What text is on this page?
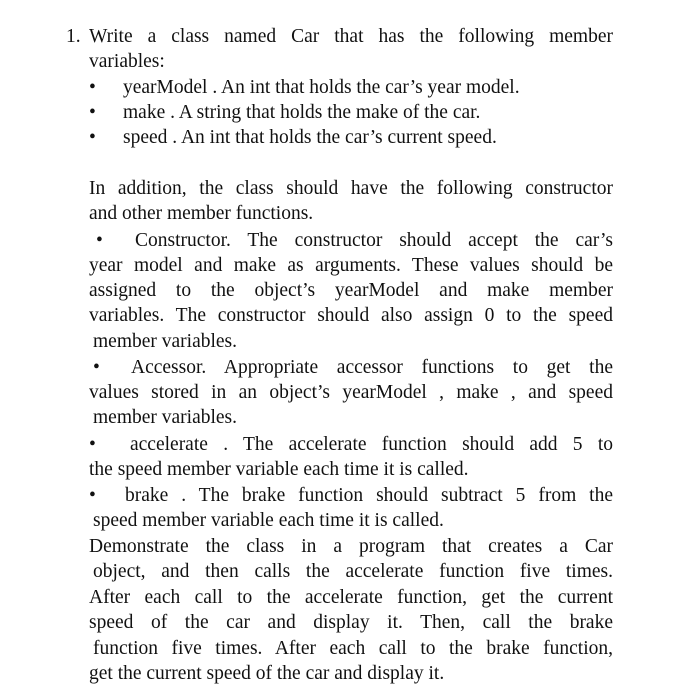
1. Write a class named Car that has the following member
variables:
• yearModel . An int that holds the car’s year model.
• make . A string that holds the make of the car.
• speed . An int that holds the car’s current speed.
In addition, the class should have the following constructor
and other member functions.
• Constructor. The constructor should accept the car’s
year model and make as arguments. These values should be
assigned to the object’s yearModel and make member
variables. The constructor should also assign 0 to the speed
member variables.
• Accessor. Appropriate accessor functions to get the
values stored in an object’s yearModel , make , and speed
member variables.
• accelerate . The accelerate function should add 5 to
the speed member variable each time it is called.
• brake . The brake function should subtract 5 from the
speed member variable each time it is called.
Demonstrate the class in a program that creates a Car
object, and then calls the accelerate function five times.
After each call to the accelerate function, get the current
speed of the car and display it. Then, call the brake
function five times. After each call to the brake function,
get the current speed of the car and display it.
